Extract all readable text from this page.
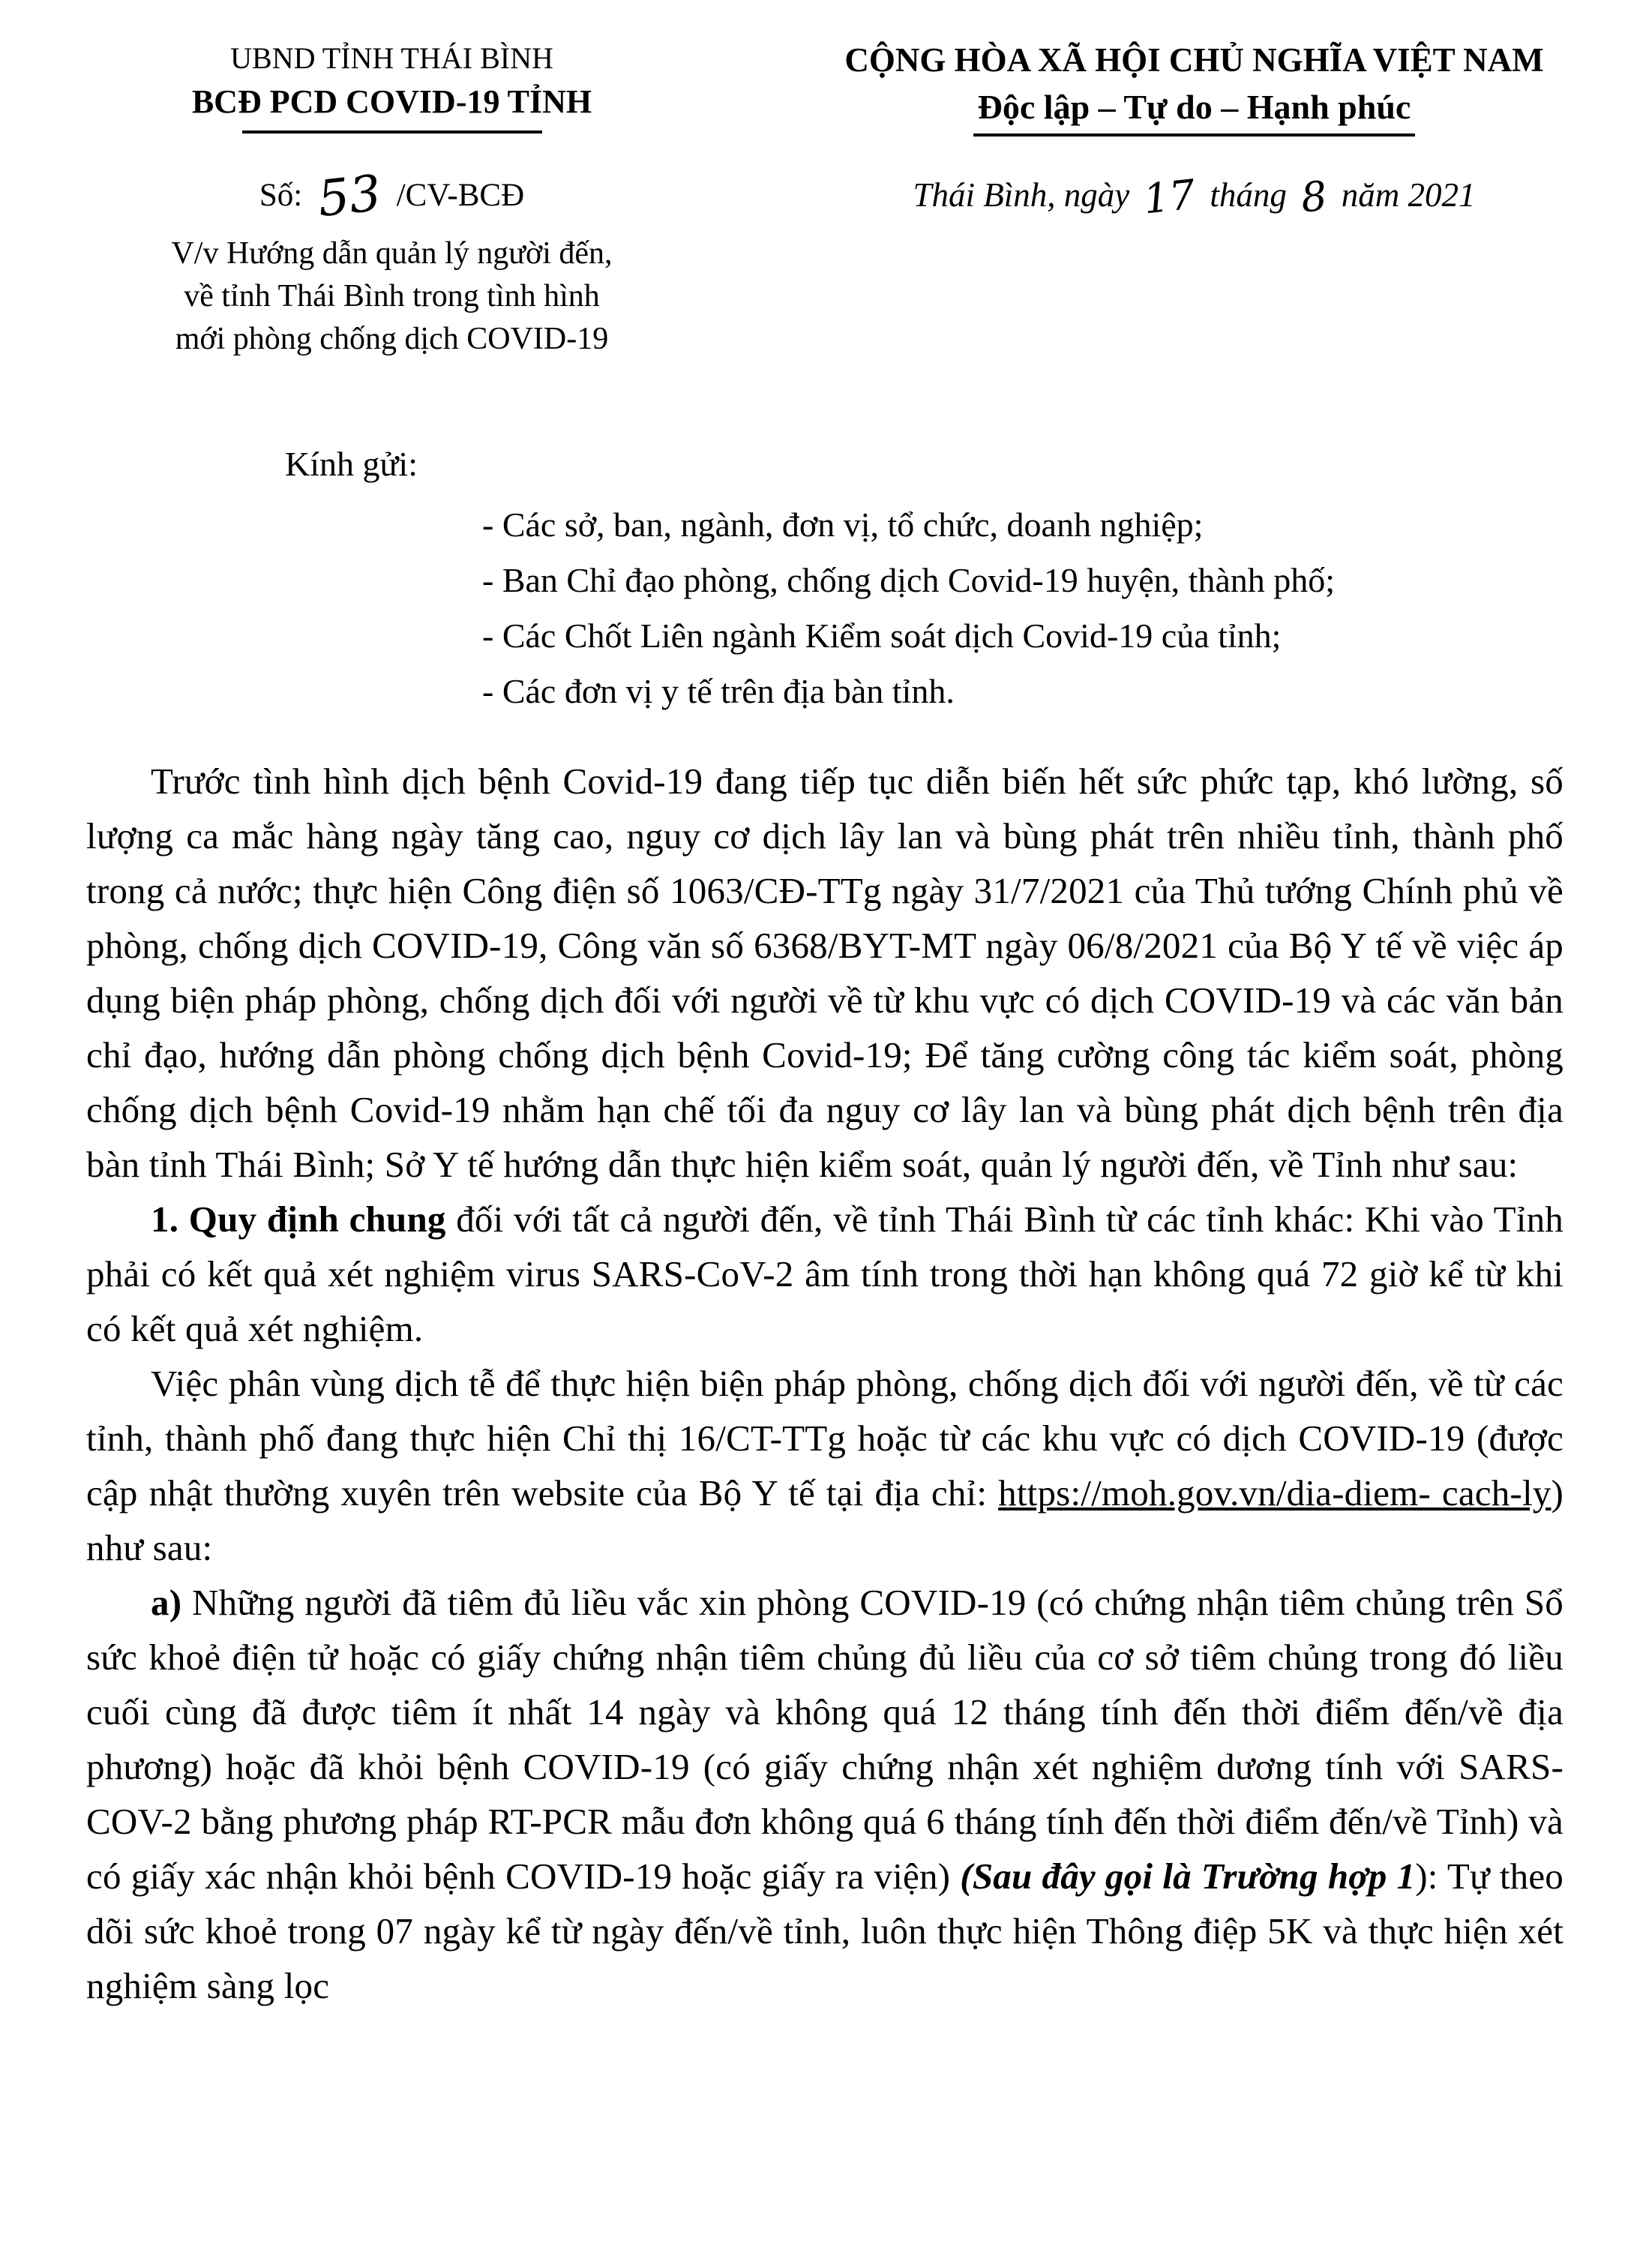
UBND TỈNH THÁI BÌNH
BCĐ PCD COVID-19 TỈNH
Số: 53 /CV-BCĐ
V/v Hướng dẫn quản lý người đến,
về tỉnh Thái Bình trong tình hình
mới phòng chống dịch COVID-19
CỘNG HÒA XÃ HỘI CHỦ NGHĨA VIỆT NAM
Độc lập – Tự do – Hạnh phúc
Thái Bình, ngày 17 tháng 8 năm 2021
Kính gửi:
- Các sở, ban, ngành, đơn vị, tổ chức, doanh nghiệp;
- Ban Chỉ đạo phòng, chống dịch Covid-19 huyện, thành phố;
- Các Chốt Liên ngành Kiểm soát dịch Covid-19 của tỉnh;
- Các đơn vị y tế trên địa bàn tỉnh.

Trước tình hình dịch bệnh Covid-19 đang tiếp tục diễn biến hết sức phức tạp, khó lường, số lượng ca mắc hàng ngày tăng cao, nguy cơ dịch lây lan và bùng phát trên nhiều tỉnh, thành phố trong cả nước; thực hiện Công điện số 1063/CĐ-TTg ngày 31/7/2021 của Thủ tướng Chính phủ về phòng, chống dịch COVID-19, Công văn số 6368/BYT-MT ngày 06/8/2021 của Bộ Y tế về việc áp dụng biện pháp phòng, chống dịch đối với người về từ khu vực có dịch COVID-19 và các văn bản chỉ đạo, hướng dẫn phòng chống dịch bệnh Covid-19; Để tăng cường công tác kiểm soát, phòng chống dịch bệnh Covid-19 nhằm hạn chế tối đa nguy cơ lây lan và bùng phát dịch bệnh trên địa bàn tỉnh Thái Bình; Sở Y tế hướng dẫn thực hiện kiểm soát, quản lý người đến, về Tỉnh như sau:

1. Quy định chung đối với tất cả người đến, về tỉnh Thái Bình từ các tỉnh khác: Khi vào Tỉnh phải có kết quả xét nghiệm virus SARS-CoV-2 âm tính trong thời hạn không quá 72 giờ kể từ khi có kết quả xét nghiệm.

Việc phân vùng dịch tễ để thực hiện biện pháp phòng, chống dịch đối với người đến, về từ các tỉnh, thành phố đang thực hiện Chỉ thị 16/CT-TTg hoặc từ các khu vực có dịch COVID-19 (được cập nhật thường xuyên trên website của Bộ Y tế tại địa chỉ: https://moh.gov.vn/dia-diem- cach-ly) như sau:

a) Những người đã tiêm đủ liều vắc xin phòng COVID-19 (có chứng nhận tiêm chủng trên Sổ sức khoẻ điện tử hoặc có giấy chứng nhận tiêm chủng đủ liều của cơ sở tiêm chủng trong đó liều cuối cùng đã được tiêm ít nhất 14 ngày và không quá 12 tháng tính đến thời điểm đến/về địa phương) hoặc đã khỏi bệnh COVID-19 (có giấy chứng nhận xét nghiệm dương tính với SARS-COV-2 bằng phương pháp RT-PCR mẫu đơn không quá 6 tháng tính đến thời điểm đến/về Tỉnh) và có giấy xác nhận khỏi bệnh COVID-19 hoặc giấy ra viện) (Sau đây gọi là Trường hợp 1): Tự theo dõi sức khoẻ trong 07 ngày kể từ ngày đến/về tỉnh, luôn thực hiện Thông điệp 5K và thực hiện xét nghiệm sàng lọc
